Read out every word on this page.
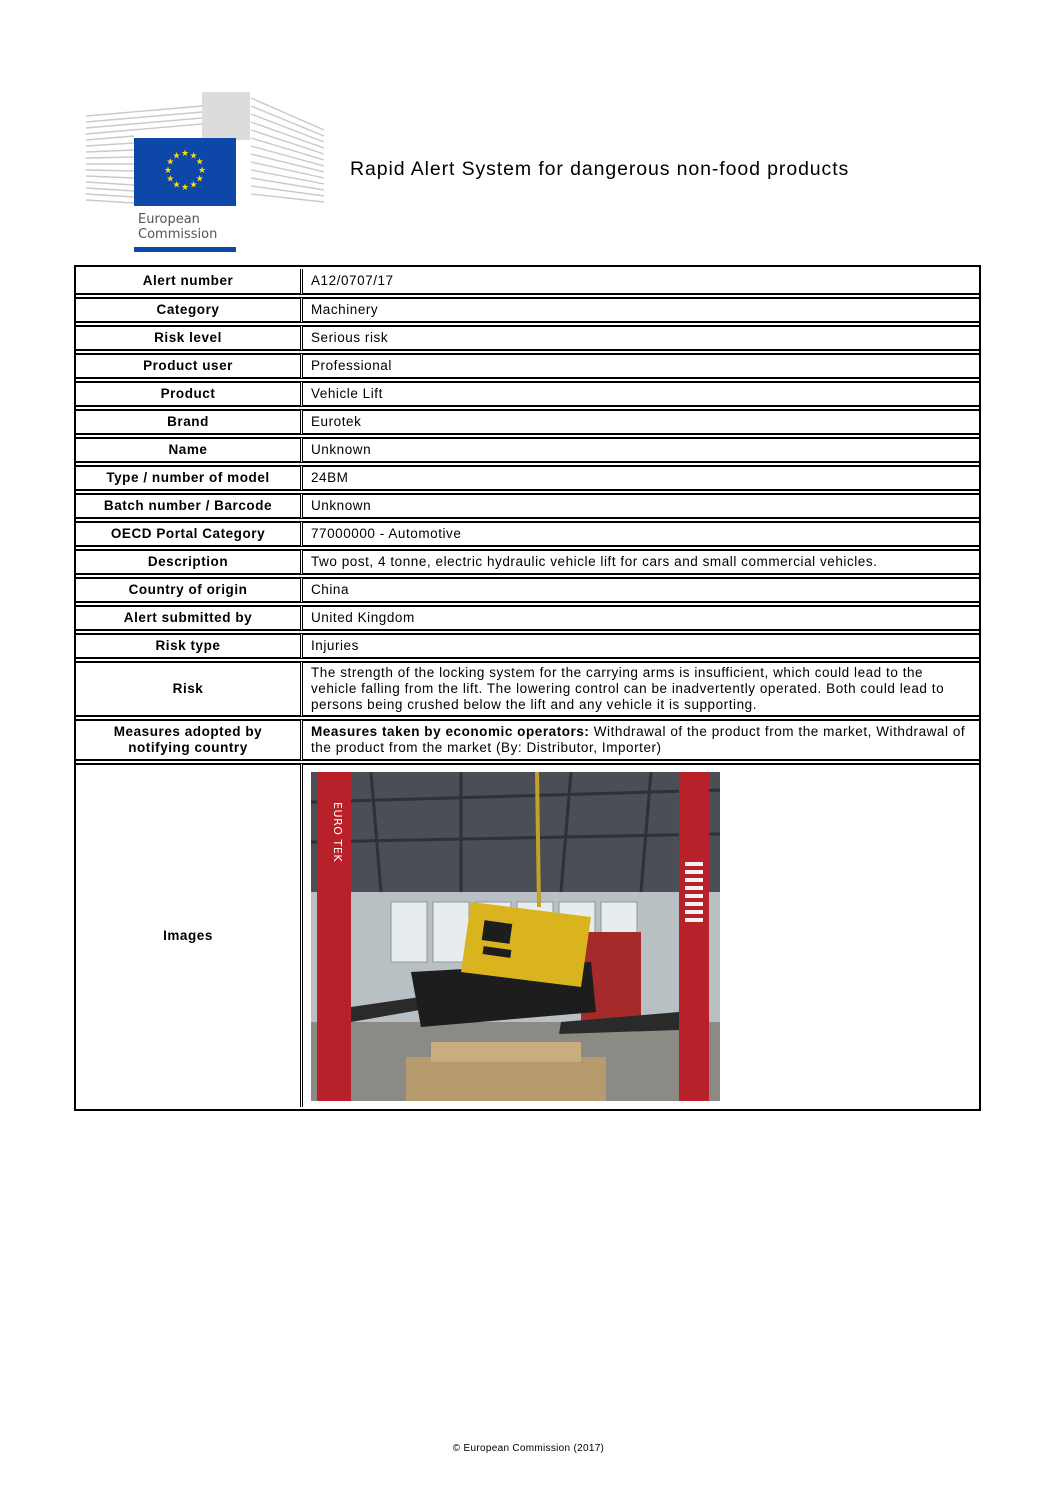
★ ★
★
★
★
★
★
★
★
★
★
★
European
Commission
Rapid Alert System for dangerous non-food products
Alert number	A12/0707/17
Category	Machinery
Risk level	Serious risk
Product user	Professional
Product	Vehicle Lift
Brand	Eurotek
Name	Unknown
Type / number of model	24BM
Batch number / Barcode	Unknown
OECD Portal Category	77000000 - Automotive
Description	Two post, 4 tonne, electric hydraulic vehicle lift for cars and small commercial vehicles.
Country of origin	China
Alert submitted by	United Kingdom
Risk type	Injuries
Risk	The strength of the locking system for the carrying arms is insufficient, which could lead to the vehicle falling from the lift. The lowering control can be inadvertently operated. Both could lead to persons being crushed below the lift and any vehicle it is supporting.
Measures adopted by notifying country	Measures taken by economic operators: Withdrawal of the product from the market, Withdrawal of the product from the market (By: Distributor, Importer)
Images	EURO TEK
© European Commission (2017)
